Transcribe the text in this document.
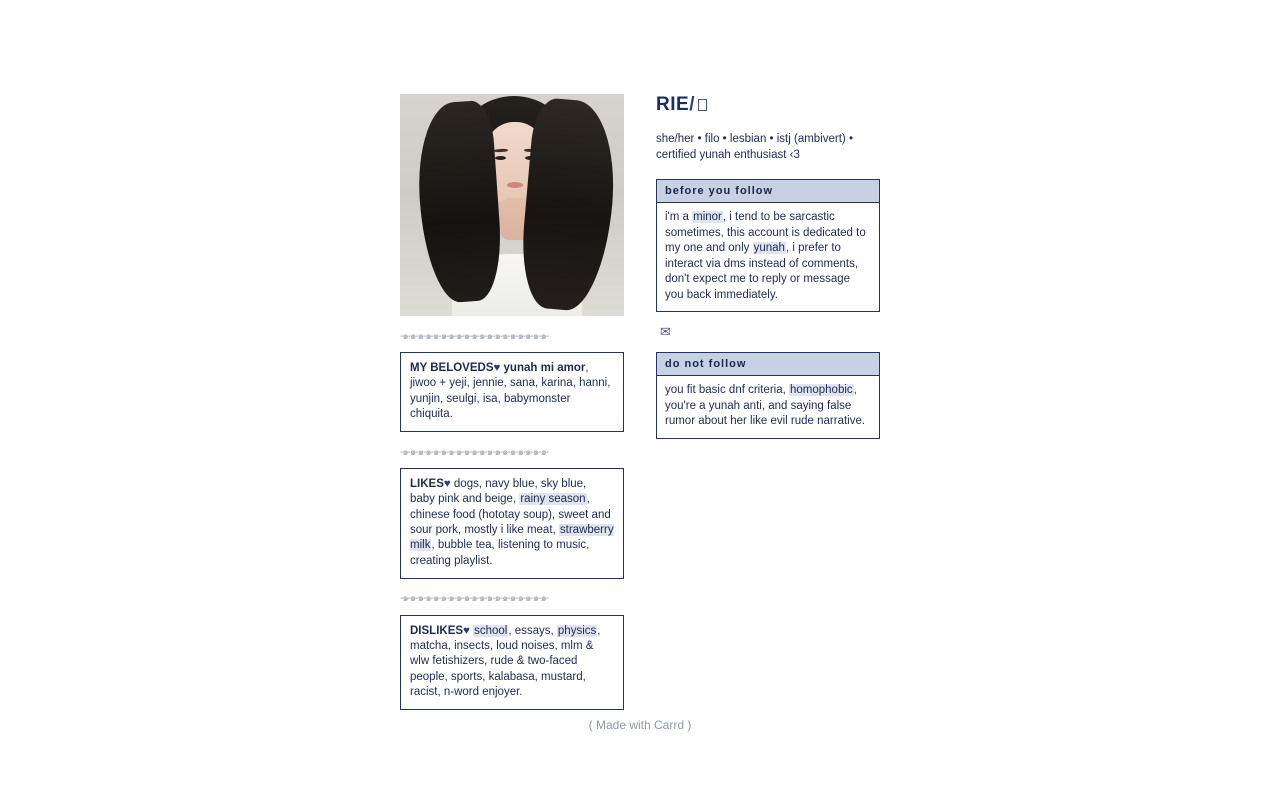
-๑-๑-๑-๑-๑-๑-๑-๑-๑-๑-๑-๑-๑-๑-๑-๑-๑-๑-๑-
MY BELOVEDS♥ yunah mi amor, jiwoo + yeji, jennie, sana, karina, hanni, yunjin, seulgi, isa, babymonster chiquita.
-๑-๑-๑-๑-๑-๑-๑-๑-๑-๑-๑-๑-๑-๑-๑-๑-๑-๑-๑-
LIKES♥ dogs, navy blue, sky blue, baby pink and beige, rainy season, chinese food (hototay soup), sweet and sour pork, mostly i like meat, strawberry milk, bubble tea, listening to music, creating playlist.
-๑-๑-๑-๑-๑-๑-๑-๑-๑-๑-๑-๑-๑-๑-๑-๑-๑-๑-๑-
DISLIKES♥ school, essays, physics, matcha, insects, loud noises, mlm & wlw fetishizers, rude & two-faced people, sports, kalabasa, mustard, racist, n-word enjoyer.
RIE/
she/her • filo • lesbian • istj (ambivert) • certified yunah enthusiast ‹3
before you follow
i'm a minor, i tend to be sarcastic sometimes, this account is dedicated to my one and only yunah, i prefer to interact via dms instead of comments, don't expect me to reply or message you back immediately.
✉
do not follow
you fit basic dnf criteria, homophobic, you're a yunah anti, and saying false rumor about her like evil rude narrative.
( Made with Carrd )
